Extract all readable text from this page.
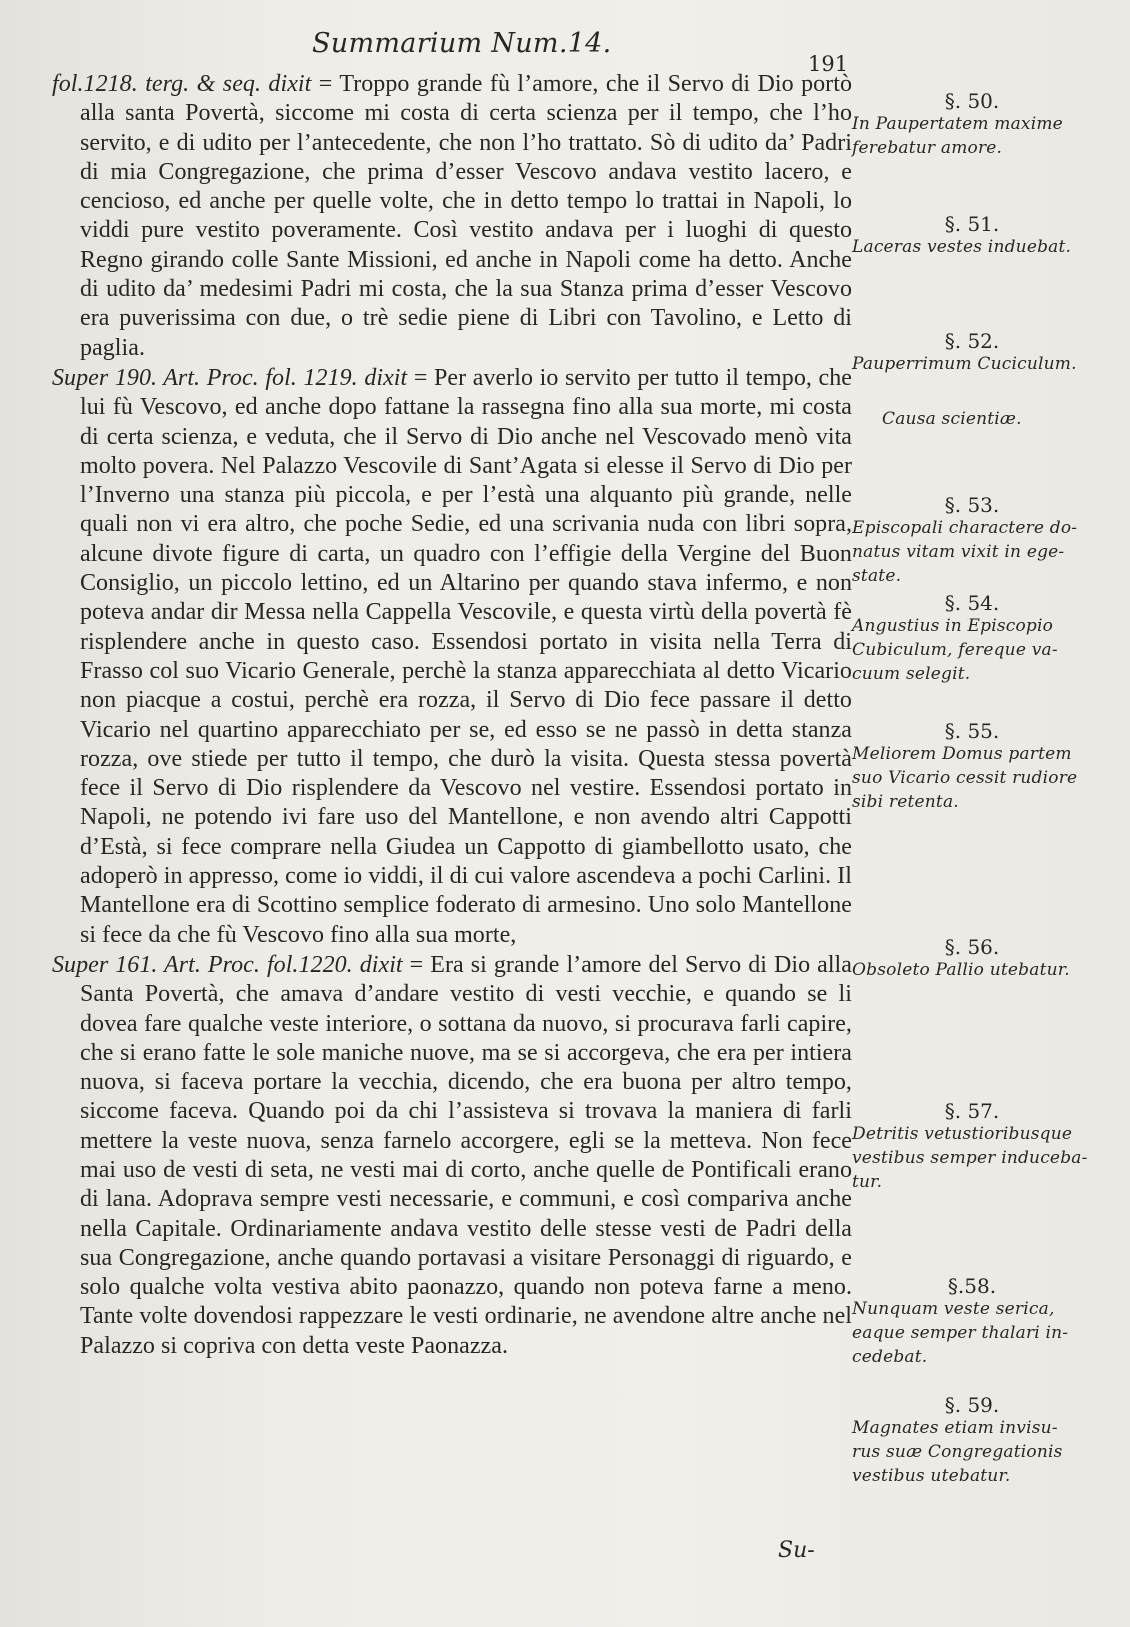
Summarium Num.14.
191

fol.1218. terg. & seq. dixit = Troppo grande fù l’amore, che il Servo di Dio portò alla santa Povertà, siccome mi costa di certa scienza per il tempo, che l’ho servito, e di udito per l’antecedente, che non l’ho trattato. Sò di udito da’ Padri di mia Congregazione, che prima d’esser Vescovo andava vestito lacero, e cencioso, ed anche per quelle volte, che in detto tempo lo trattai in Napoli, lo viddi pure vestito poveramente. Così vestito andava per i luoghi di questo Regno girando colle Sante Missioni, ed anche in Napoli come ha detto. Anche di udito da’ medesimi Padri mi costa, che la sua Stanza prima d’esser Vescovo era puverissima con due, o trè sedie piene di Libri con Tavolino, e Letto di paglia.

Super 190. Art. Proc. fol. 1219. dixit = Per averlo io servito per tutto il tempo, che lui fù Vescovo, ed anche dopo fattane la rassegna fino alla sua morte, mi costa di certa scienza, e veduta, che il Servo di Dio anche nel Vescovado menò vita molto povera. Nel Palazzo Vescovile di Sant’Agata si elesse il Servo di Dio per l’Inverno una stanza più piccola, e per l’està una alquanto più grande, nelle quali non vi era altro, che poche Sedie, ed una scrivania nuda con libri sopra, alcune divote figure di carta, un quadro con l’effigie della Vergine del Buon Consiglio, un piccolo lettino, ed un Altarino per quando stava infermo, e non poteva andar dir Messa nella Cappella Vescovile, e questa virtù della povertà fè risplendere anche in questo caso. Essendosi portato in visita nella Terra di Frasso col suo Vicario Generale, perchè la stanza apparecchiata al detto Vicario non piacque a costui, perchè era rozza, il Servo di Dio fece passare il detto Vicario nel quartino apparecchiato per se, ed esso se ne passò in detta stanza rozza, ove stiede per tutto il tempo, che durò la visita. Questa stessa povertà fece il Servo di Dio risplendere da Vescovo nel vestire. Essendosi portato in Napoli, ne potendo ivi fare uso del Mantellone, e non avendo altri Cappotti d’Està, si fece comprare nella Giudea un Cappotto di giambellotto usato, che adoperò in appresso, come io viddi, il di cui valore ascendeva a pochi Carlini. Il Mantellone era di Scottino semplice foderato di armesino. Uno solo Mantellone si fece da che fù Vescovo fino alla sua morte,

Super 161. Art. Proc. fol.1220. dixit = Era si grande l’amore del Servo di Dio alla Santa Povertà, che amava d’andare vestito di vesti vecchie, e quando se li dovea fare qualche veste interiore, o sottana da nuovo, si procurava farli capire, che si erano fatte le sole maniche nuove, ma se si accorgeva, che era per intiera nuova, si faceva portare la vecchia, dicendo, che era buona per altro tempo, siccome faceva. Quando poi da chi l’assisteva si trovava la maniera di farli mettere la veste nuova, senza farnelo accorgere, egli se la metteva. Non fece mai uso de vesti di seta, ne vesti mai di corto, anche quelle de Pontificali erano di lana. Adoprava sempre vesti necessarie, e communi, e così compariva anche nella Capitale. Ordinariamente andava vestito delle stesse vesti de Padri della sua Congregazione, anche quando portavasi a visitare Personaggi di riguardo, e solo qualche volta vestiva abito paonazzo, quando non poteva farne a meno. Tante volte dovendosi rappezzare le vesti ordinarie, ne avendone altre anche nel Palazzo si copriva con detta veste Paonazza.

Su-
§. 50.
In Paupertatem maxime
ferebatur amore.
§. 51.
Laceras vestes induebat.
§. 52.
Pauperrimum Cuciculum.
Causa scientiæ.
§. 53.
Episcopali charactere do-
natus vitam vixit in ege-
state.
§. 54.
Angustius in Episcopio
Cubiculum, fereque va-
cuum selegit.
§. 55.
Meliorem Domus partem
suo Vicario cessit rudiore
sibi retenta.
§. 56.
Obsoleto Pallio utebatur.
§. 57.
Detritis vetustioribusque
vestibus semper induceba-
tur.
§.58.
Nunquam veste serica,
eaque semper thalari in-
cedebat.
§. 59.
Magnates etiam invisu-
rus suæ Congregationis
vestibus utebatur.
